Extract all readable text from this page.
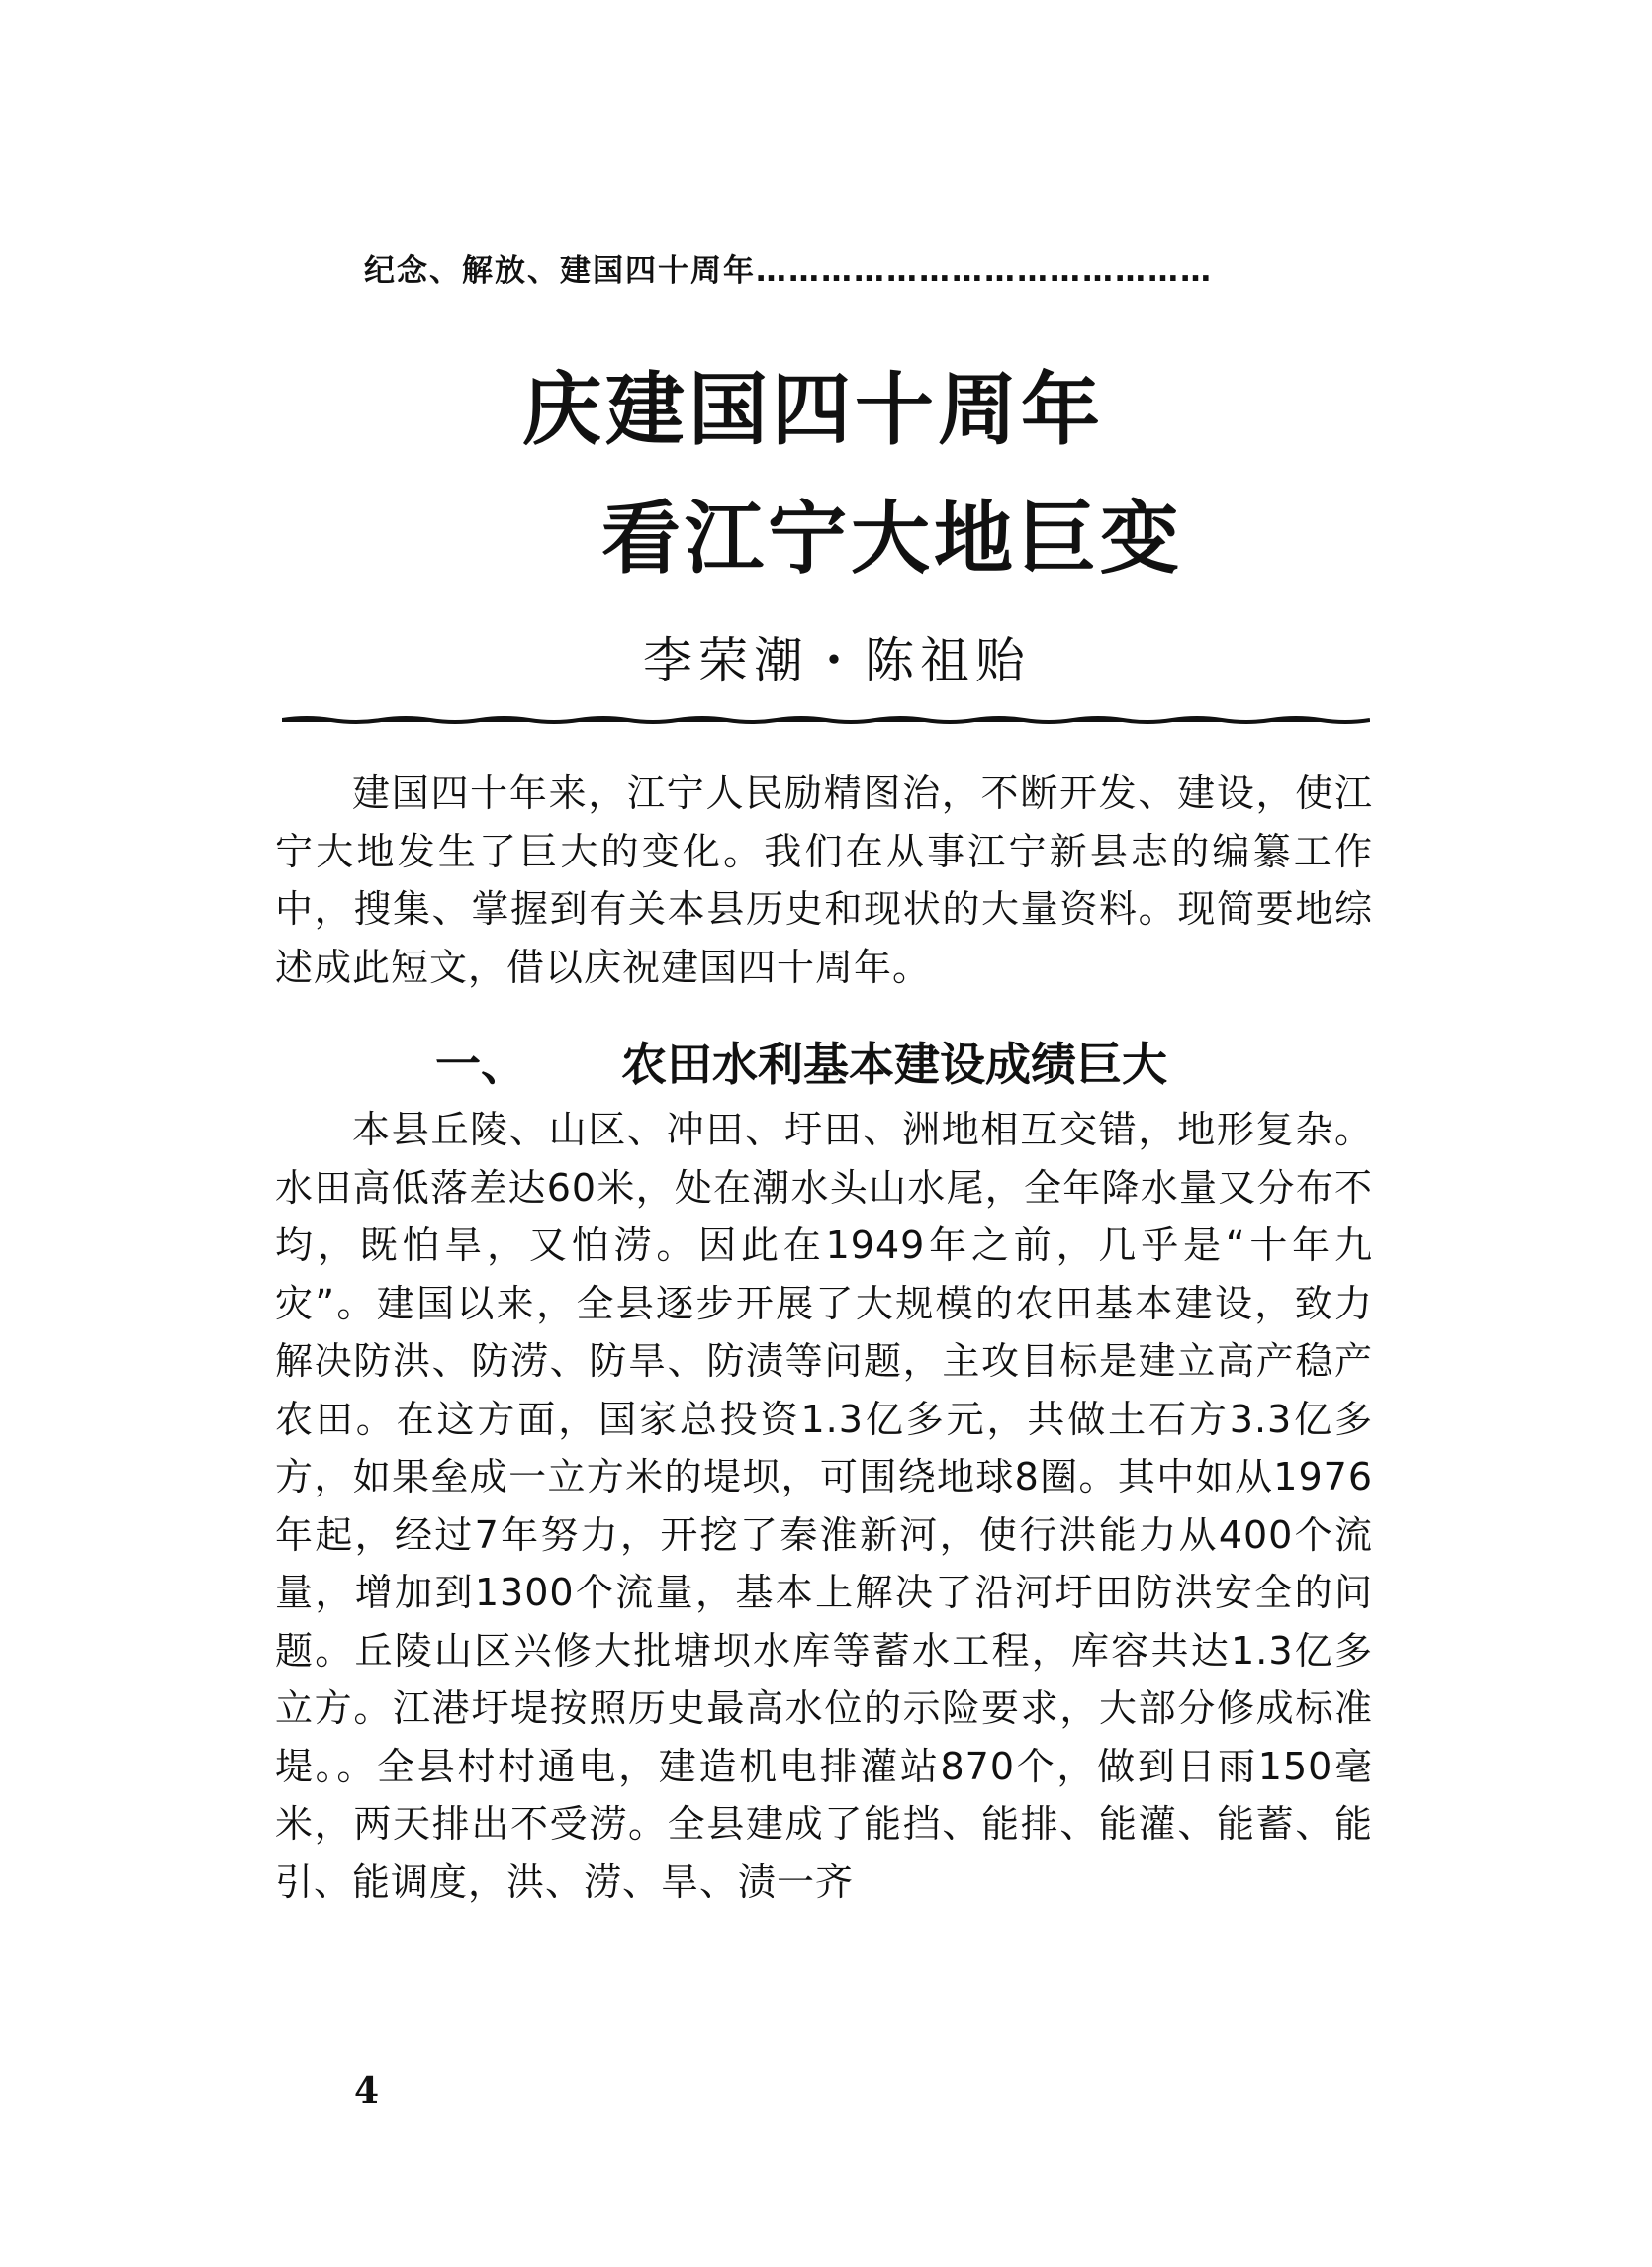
纪念、解放、建国四十周年……………………………………
庆建国四十周年
看江宁大地巨变
李荣潮・陈祖贻
建国四十年来，江宁人民励精图治，不断开发、建设，使江宁大地发生了巨大的变化。我们在从事江宁新县志的编纂工作中，搜集、掌握到有关本县历史和现状的大量资料。现简要地综述成此短文，借以庆祝建国四十周年。
一、 农田水利基本建设成绩巨大
本县丘陵、山区、冲田、圩田、洲地相互交错，地形复杂。水田高低落差达60米，处在潮水头山水尾，全年降水量又分布不均，既怕旱，又怕涝。因此在1949年之前，几乎是“十年九灾”。建国以来，全县逐步开展了大规模的农田基本建设，致力解决防洪、防涝、防旱、防渍等问题，主攻目标是建立高产稳产农田。在这方面，国家总投资1.3亿多元，共做土石方3.3亿多方，如果垒成一立方米的堤坝，可围绕地球8圈。其中如从1976年起，经过7年努力，开挖了秦淮新河，使行洪能力从400个流量，增加到1300个流量，基本上解决了沿河圩田防洪安全的问题。丘陵山区兴修大批塘坝水库等蓄水工程，库容共达1.3亿多立方。江港圩堤按照历史最高水位的示险要求，大部分修成标准堤。。全县村村通电，建造机电排灌站870个，做到日雨150毫米，两天排出不受涝。全县建成了能挡、能排、能灌、能蓄、能引、能调度，洪、涝、旱、渍一齐
4
